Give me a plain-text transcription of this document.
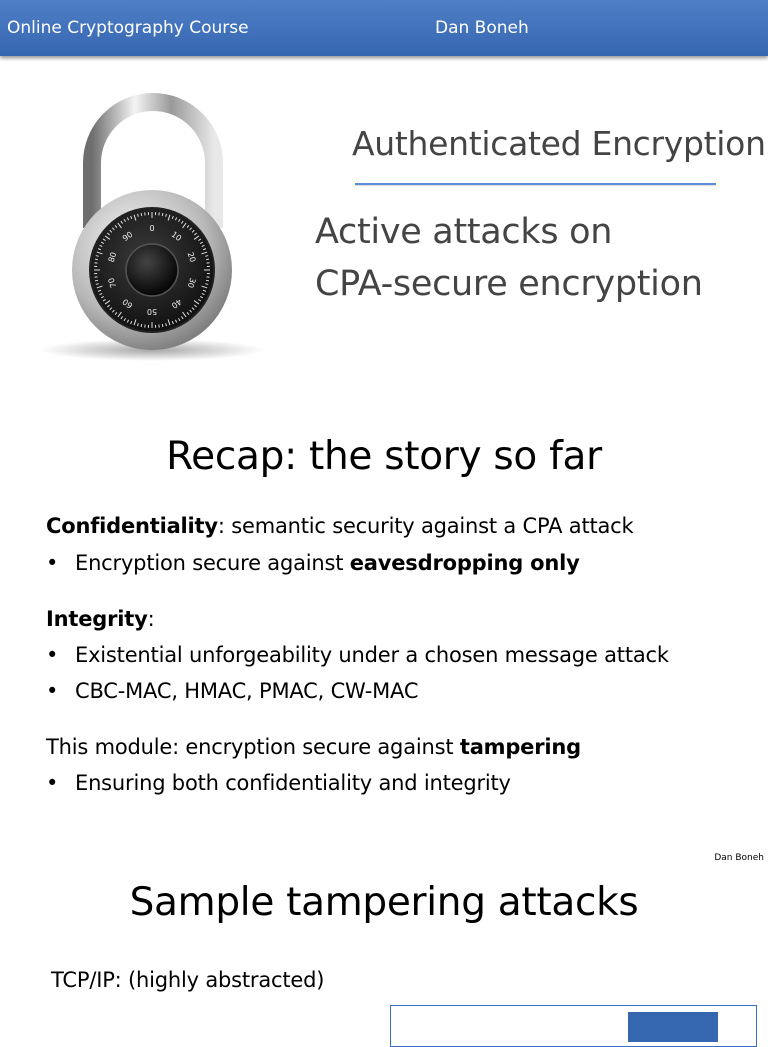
Online Cryptography Course	Dan Boneh
0
10
20
30
40
50
60
70
80
90
Authenticated Encryption
Active attacks on
CPA-secure encryption
Recap: the story so far
Confidentiality: semantic security against a CPA attack
• Encryption secure against eavesdropping only
Integrity:
• Existential unforgeability under a chosen message attack
• CBC-MAC, HMAC, PMAC, CW-MAC
This module: encryption secure against tampering
• Ensuring both confidentiality and integrity
Dan Boneh
Sample tampering attacks
TCP/IP: (highly abstracted)
